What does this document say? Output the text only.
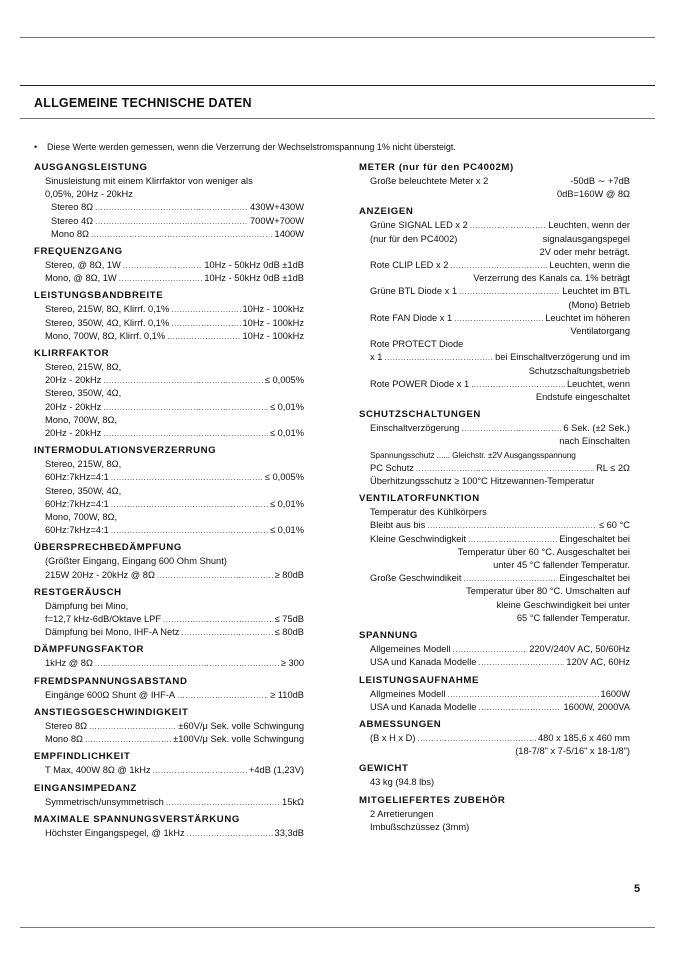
ALLGEMEINE TECHNISCHE DATEN
• Diese Werte werden gemessen, wenn die Verzerrung der Wechselstromspannung 1% nicht übersteigt.
AUSGANGSLEISTUNG
Sinusleistung mit einem Klirrfaktor von weniger als
0,05%, 20Hz - 20kHz
Stereo 8Ω .....	430W+430W
Stereo 4Ω .....	700W+700W
Mono 8Ω .....	1400W
FREQUENZGANG
Stereo, @ 8Ω, 1W .....	10Hz - 50kHz 0dB ±1dB
Mono, @ 8Ω, 1W .....	10Hz - 50kHz 0dB ±1dB
LEISTUNGSBANDBREITE
Stereo, 215W, 8Ω, Klirrf. 0,1% .....	10Hz - 100kHz
Stereo, 350W, 4Ω, Klirrf. 0,1% .....	10Hz - 100kHz
Mono, 700W, 8Ω, Klirrf. 0,1% .....	10Hz - 100kHz
KLIRRFAKTOR
Stereo, 215W, 8Ω,
20Hz - 20kHz .....	≤ 0,005%
Stereo, 350W, 4Ω,
20Hz - 20kHz .....	≤ 0,01%
Mono, 700W, 8Ω,
20Hz - 20kHz .....	≤ 0,01%
INTERMODULATIONSVERZERRUNG
Stereo, 215W, 8Ω,
60Hz:7kHz=4:1 .....	≤ 0,005%
Stereo, 350W, 4Ω,
60Hz:7kHz=4:1 .....	≤ 0,01%
Mono, 700W, 8Ω,
60Hz:7kHz=4:1 .....	≤ 0,01%
ÜBERSPRECHBEDÄMPFUNG
(Größter Eingang, Eingang 600 Ohm Shunt)
215W 20Hz - 20kHz @ 8Ω .....	≥ 80dB
RESTGERÄUSCH
Dämpfung bei Mino,
f=12,7 kHz-6dB/Oktave LPF .....	≤ 75dB
Dämpfung bei Mono, IHF-A Netz .....	≤ 80dB
DÄMPFUNGSFAKTOR
1kHz @ 8Ω .....	≥ 300
FREMDSPANNUNGSABSTAND
Eingänge 600Ω Shunt @ IHF-A .....	≥ 110dB
ANSTIEGSGESCHWINDIGKEIT
Stereo 8Ω .....	±60V/μ Sek. volle Schwingung
Mono 8Ω .....	±100V/μ Sek. volle Schwingung
EMPFINDLICHKEIT
T Max, 400W 8Ω @ 1kHz .....	+4dB (1,23V)
EINGANSIMPEDANZ
Symmetrisch/unsymmetrisch .....	15kΩ
MAXIMALE SPANNUNGSVERSTÄRKUNG
Höchster Eingangspegel, @ 1kHz .....	33,3dB
METER (nur für den PC4002M)
Große beleuchtete Meter x 2	-50dB ∼ +7dB
0dB=160W @ 8Ω
ANZEIGEN
Grüne SIGNAL LED x 2 .....	Leuchten, wenn der
(nur für den PC4002)	signalausgangspegel
2V oder mehr beträgt.
Rote CLIP LED x 2 .....	Leuchten, wenn die
Verzerrung des Kanals ca. 1% beträgt
Grüne BTL Diode x 1 .....	Leuchtet im BTL
(Mono) Betrieb
Rote FAN Diode x 1 .....	Leuchtet im höheren
Ventilatorgang
Rote PROTECT Diode
x 1 .....	bei Einschaltverzögerung und im
Schutzschaltungsbetrieb
Rote POWER Diode x 1 .....	Leuchtet, wenn
Endstufe eingeschaltet
SCHUTZSCHALTUNGEN
Einschaltverzögerung .....	6 Sek. (±2 Sek.)
nach Einschalten
Spannungsschutz ...... Gleichstr. ±2V Ausgangsspannung
PC Schutz .....	RL ≤ 2Ω
Überhitzungsschutz ≥ 100°C Hitzewannen-Temperatur
VENTILATORFUNKTION
Temperatur des Kühlkörpers
Bleibt aus bis .....	≤ 60 °C
Kleine Geschwindigkeit .....	Eingeschaltet bei
Temperatur über 60 °C. Ausgeschaltet bei
unter 45 °C fallender Temperatur.
Große Geschwindikeit .....	Eingeschaltet bei
Temperatur über 80 °C. Umschalten auf
kleine Geschwindigkeit bei unter
65 °C fallender Temperatur.
SPANNUNG
Allgemeines Modell .....	220V/240V AC, 50/60Hz
USA und Kanada Modelle .....	120V AC, 60Hz
LEISTUNGSAUFNAHME
Allgmeines Modell .....	1600W
USA und Kanada Modelle .....	1600W, 2000VA
ABMESSUNGEN
(B x H x D) .....	480 x 185,6 x 460 mm
(18-7/8" x 7-5/16" x 18-1/8")
GEWICHT
43 kg (94.8 lbs)
MITGELIEFERTES ZUBEHÖR
2 Arretierungen
Imbußschzüssez (3mm)
5
